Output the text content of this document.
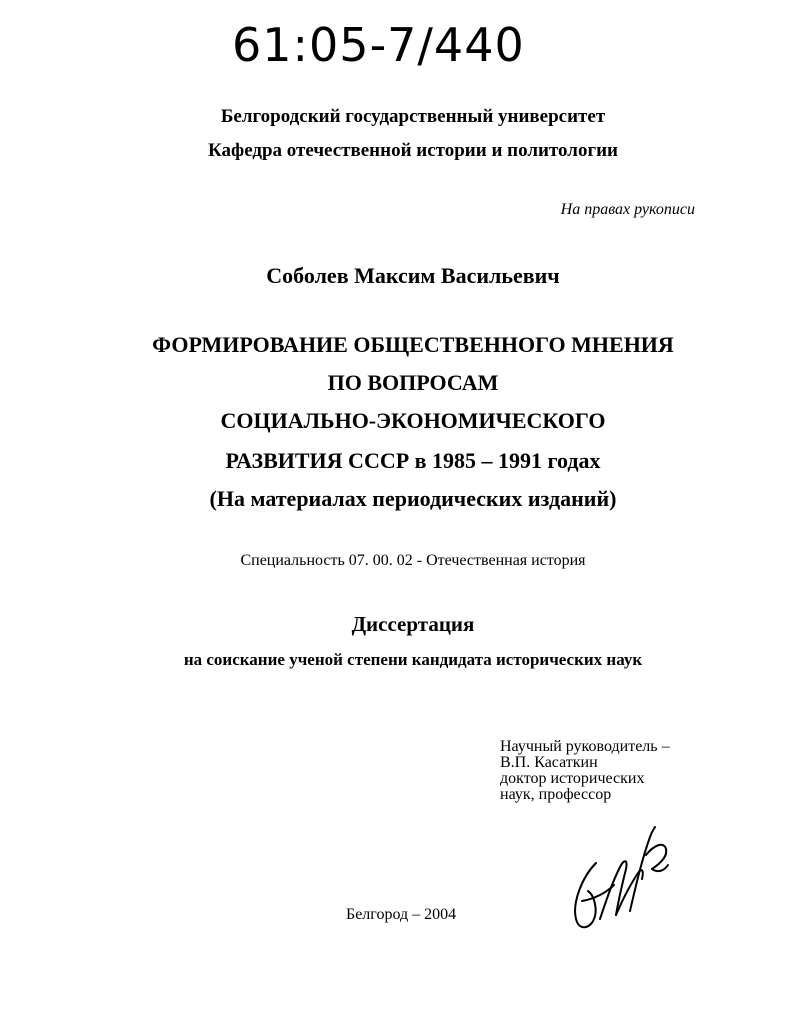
61:05-7/440
Белгородский государственный университет
Кафедра отечественной истории и политологии
На правах рукописи
Соболев Максим Васильевич
ФОРМИРОВАНИЕ ОБЩЕСТВЕННОГО МНЕНИЯ
ПО ВОПРОСАМ
СОЦИАЛЬНО-ЭКОНОМИЧЕСКОГО
РАЗВИТИЯ СССР в 1985 – 1991 годах
(На материалах периодических изданий)
Специальность 07. 00. 02 - Отечественная история
Диссертация
на соискание ученой степени кандидата исторических наук
Научный руководитель –
В.П. Касаткин
доктор исторических
наук, профессор
Белгород – 2004
